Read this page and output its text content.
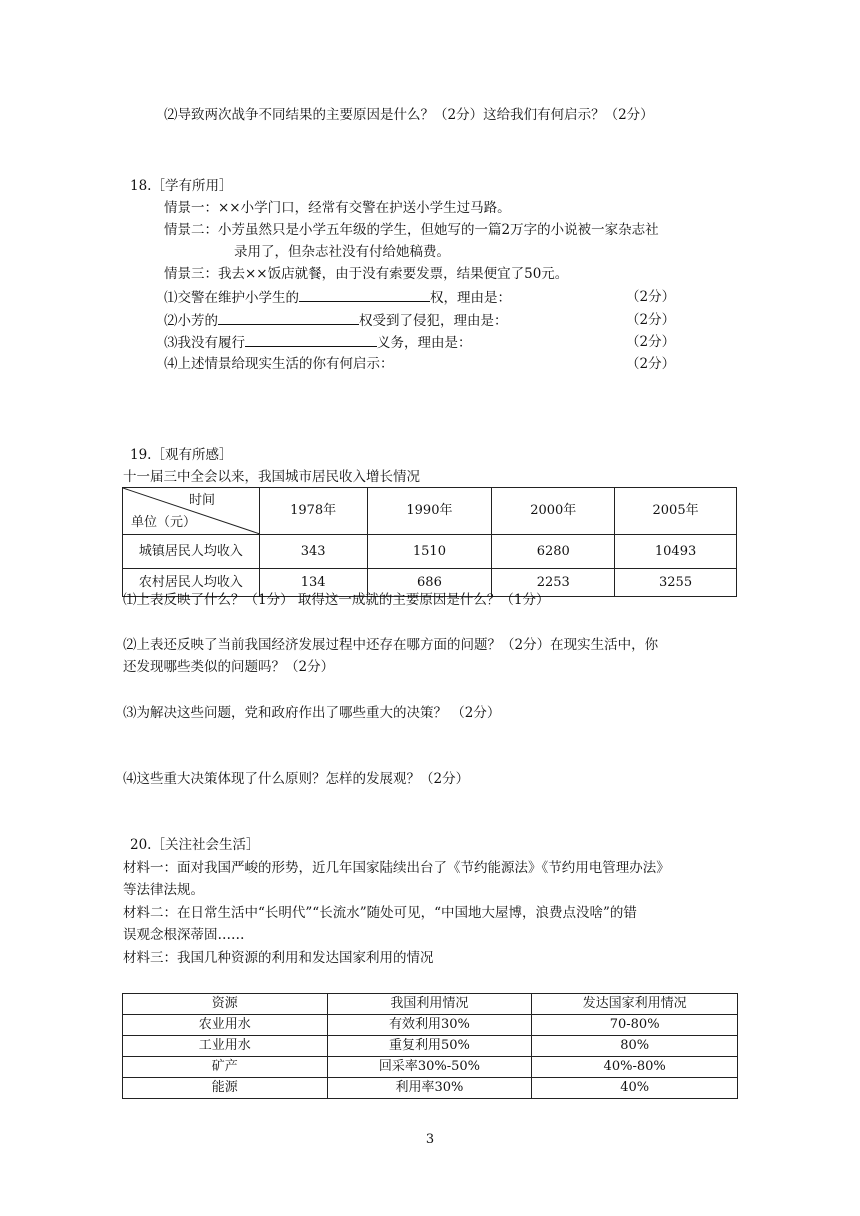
⑵导致两次战争不同结果的主要原因是什么？（2分）这给我们有何启示？（2分）
18.［学有所用］
情景一：××小学门口，经常有交警在护送小学生过马路。
情景二：小芳虽然只是小学五年级的学生，但她写的一篇2万字的小说被一家杂志社
录用了，但杂志社没有付给她稿费。
情景三：我去××饭店就餐，由于没有索要发票，结果便宜了50元。
⑴交警在维护小学生的	权，理由是：	（2分）
⑵小芳的	权受到了侵犯，理由是：	（2分）
⑶我没有履行	义务，理由是：	（2分）
⑷上述情景给现实生活的你有何启示：	（2分）
19.［观有所感］
十一届三中全会以来，我国城市居民收入增长情况
时间
单位（元）	1978年	1990年	2000年	2005年
城镇居民人均收入	343	1510	6280	10493
农村居民人均收入	134	686	2253	3255
⑴上表反映了什么？（1分） 取得这一成就的主要原因是什么？（1分）
⑵上表还反映了当前我国经济发展过程中还存在哪方面的问题？（2分）在现实生活中，你
还发现哪些类似的问题吗？（2分）
⑶为解决这些问题，党和政府作出了哪些重大的决策？ （2分）
⑷这些重大决策体现了什么原则？怎样的发展观？（2分）
20.［关注社会生活］
材料一：面对我国严峻的形势，近几年国家陆续出台了《节约能源法》《节约用电管理办法》
等法律法规。
材料二：在日常生活中“长明代”“长流水”随处可见，“中国地大屋博，浪费点没啥”的错
误观念根深蒂固……
材料三：我国几种资源的利用和发达国家利用的情况
资源	我国利用情况	发达国家利用情况
农业用水	有效利用30%	70-80%
工业用水	重复利用50%	80%
矿产	回采率30%-50%	40%-80%
能源	利用率30%	40%
3
